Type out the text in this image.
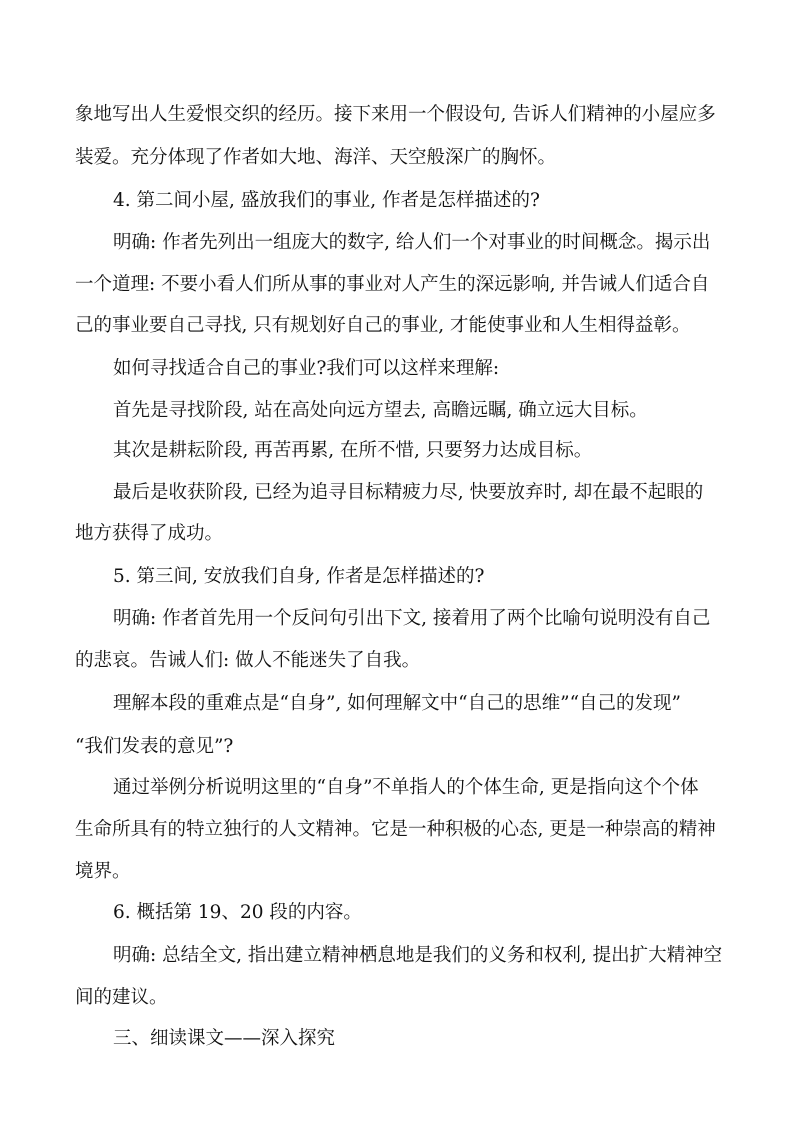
象地写出人生爱恨交织的经历。接下来用一个假设句, 告诉人们精神的小屋应多
装爱。充分体现了作者如大地、海洋、天空般深广的胸怀。
4. 第二间小屋, 盛放我们的事业, 作者是怎样描述的?
明确: 作者先列出一组庞大的数字, 给人们一个对事业的时间概念。揭示出
一个道理: 不要小看人们所从事的事业对人产生的深远影响, 并告诫人们适合自
己的事业要自己寻找, 只有规划好自己的事业, 才能使事业和人生相得益彰。
如何寻找适合自己的事业?我们可以这样来理解:
首先是寻找阶段, 站在高处向远方望去, 高瞻远瞩, 确立远大目标。
其次是耕耘阶段, 再苦再累, 在所不惜, 只要努力达成目标。
最后是收获阶段, 已经为追寻目标精疲力尽, 快要放弃时, 却在最不起眼的
地方获得了成功。
5. 第三间, 安放我们自身, 作者是怎样描述的?
明确: 作者首先用一个反问句引出下文, 接着用了两个比喻句说明没有自己
的悲哀。告诫人们: 做人不能迷失了自我。
理解本段的重难点是“自身”, 如何理解文中“自己的思维”“自己的发现”
“我们发表的意见”?
通过举例分析说明这里的“自身”不单指人的个体生命, 更是指向这个个体
生命所具有的特立独行的人文精神。它是一种积极的心态, 更是一种崇高的精神
境界。
6. 概括第 19、20 段的内容。
明确: 总结全文, 指出建立精神栖息地是我们的义务和权利, 提出扩大精神空
间的建议。
三、细读课文——深入探究
